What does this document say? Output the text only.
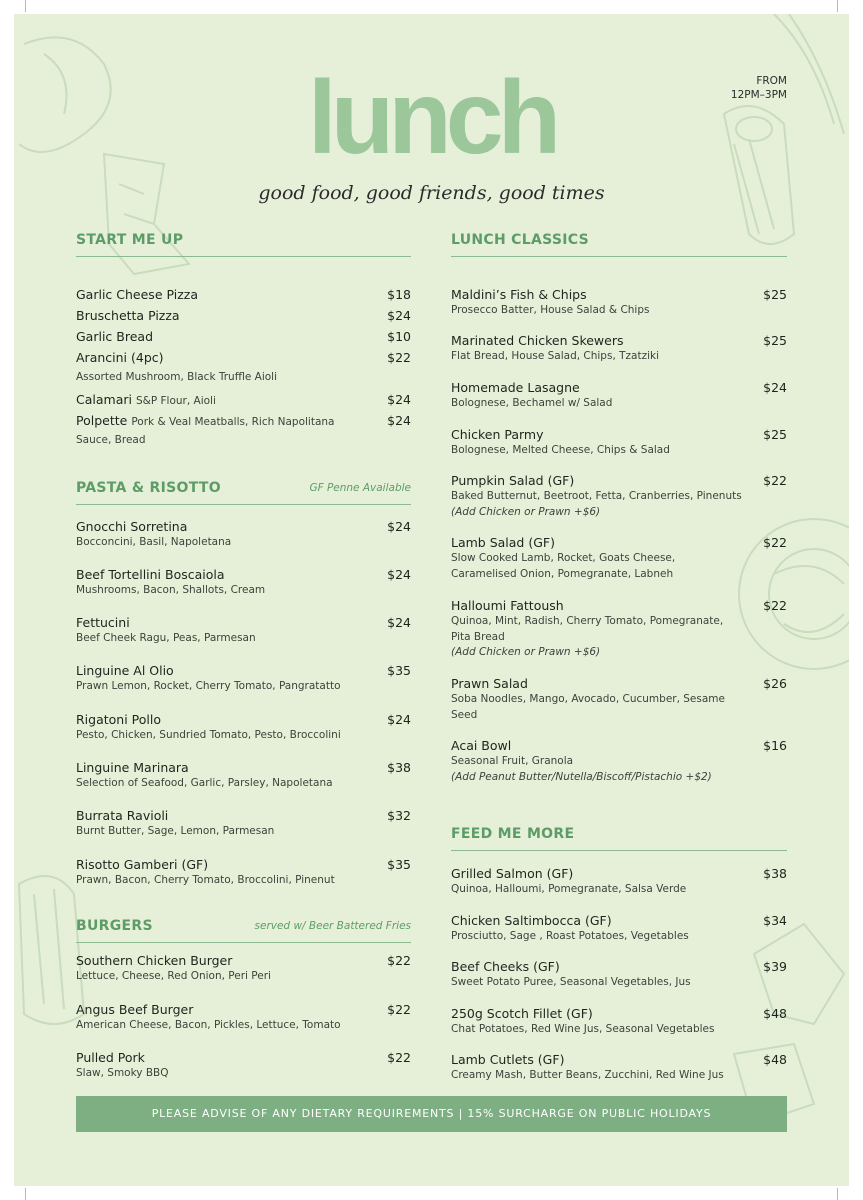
lunch
good food, good friends, good times
FROM
12PM–3PM
START ME UP
Garlic Cheese Pizza	$18
Bruschetta Pizza	$24
Garlic Bread	$10
Arancini (4pc)	$22
Assorted Mushroom, Black Truffle Aioli
Calamari S&P Flour, Aioli	$24
Polpette Pork & Veal Meatballs, Rich Napolitana	$24
Sauce, Bread
PASTA & RISOTTO	GF Penne Available
Gnocchi Sorretina	$24
Bocconcini, Basil, Napoletana
Beef Tortellini Boscaiola	$24
Mushrooms, Bacon, Shallots, Cream
Fettucini	$24
Beef Cheek Ragu, Peas, Parmesan
Linguine Al Olio	$35
Prawn Lemon, Rocket, Cherry Tomato, Pangratatto
Rigatoni Pollo	$24
Pesto, Chicken, Sundried Tomato, Pesto, Broccolini
Linguine Marinara	$38
Selection of Seafood, Garlic, Parsley, Napoletana
Burrata Ravioli	$32
Burnt Butter, Sage, Lemon, Parmesan
Risotto Gamberi (GF)	$35
Prawn, Bacon, Cherry Tomato, Broccolini, Pinenut
BURGERS	served w/ Beer Battered Fries
Southern Chicken Burger	$22
Lettuce, Cheese, Red Onion, Peri Peri
Angus Beef Burger	$22
American Cheese, Bacon, Pickles, Lettuce, Tomato
Pulled Pork	$22
Slaw, Smoky BBQ
LUNCH CLASSICS
Maldini’s Fish & Chips	$25
Prosecco Batter, House Salad & Chips
Marinated Chicken Skewers	$25
Flat Bread, House Salad, Chips, Tzatziki
Homemade Lasagne	$24
Bolognese, Bechamel w/ Salad
Chicken Parmy	$25
Bolognese, Melted Cheese, Chips & Salad
Pumpkin Salad (GF)	$22
Baked Butternut, Beetroot, Fetta, Cranberries, Pinenuts
(Add Chicken or Prawn +$6)
Lamb Salad (GF)	$22
Slow Cooked Lamb, Rocket, Goats Cheese,
Caramelised Onion, Pomegranate, Labneh
Halloumi Fattoush	$22
Quinoa, Mint, Radish, Cherry Tomato, Pomegranate,
Pita Bread
(Add Chicken or Prawn +$6)
Prawn Salad	$26
Soba Noodles, Mango, Avocado, Cucumber, Sesame
Seed
Acai Bowl	$16
Seasonal Fruit, Granola
(Add Peanut Butter/Nutella/Biscoff/Pistachio +$2)
FEED ME MORE
Grilled Salmon (GF)	$38
Quinoa, Halloumi, Pomegranate, Salsa Verde
Chicken Saltimbocca (GF)	$34
Prosciutto, Sage , Roast Potatoes, Vegetables
Beef Cheeks (GF)	$39
Sweet Potato Puree, Seasonal Vegetables, Jus
250g Scotch Fillet (GF)	$48
Chat Potatoes, Red Wine Jus, Seasonal Vegetables
Lamb Cutlets (GF)	$48
Creamy Mash, Butter Beans, Zucchini, Red Wine Jus
PLEASE ADVISE OF ANY DIETARY REQUIREMENTS | 15% SURCHARGE ON PUBLIC HOLIDAYS
